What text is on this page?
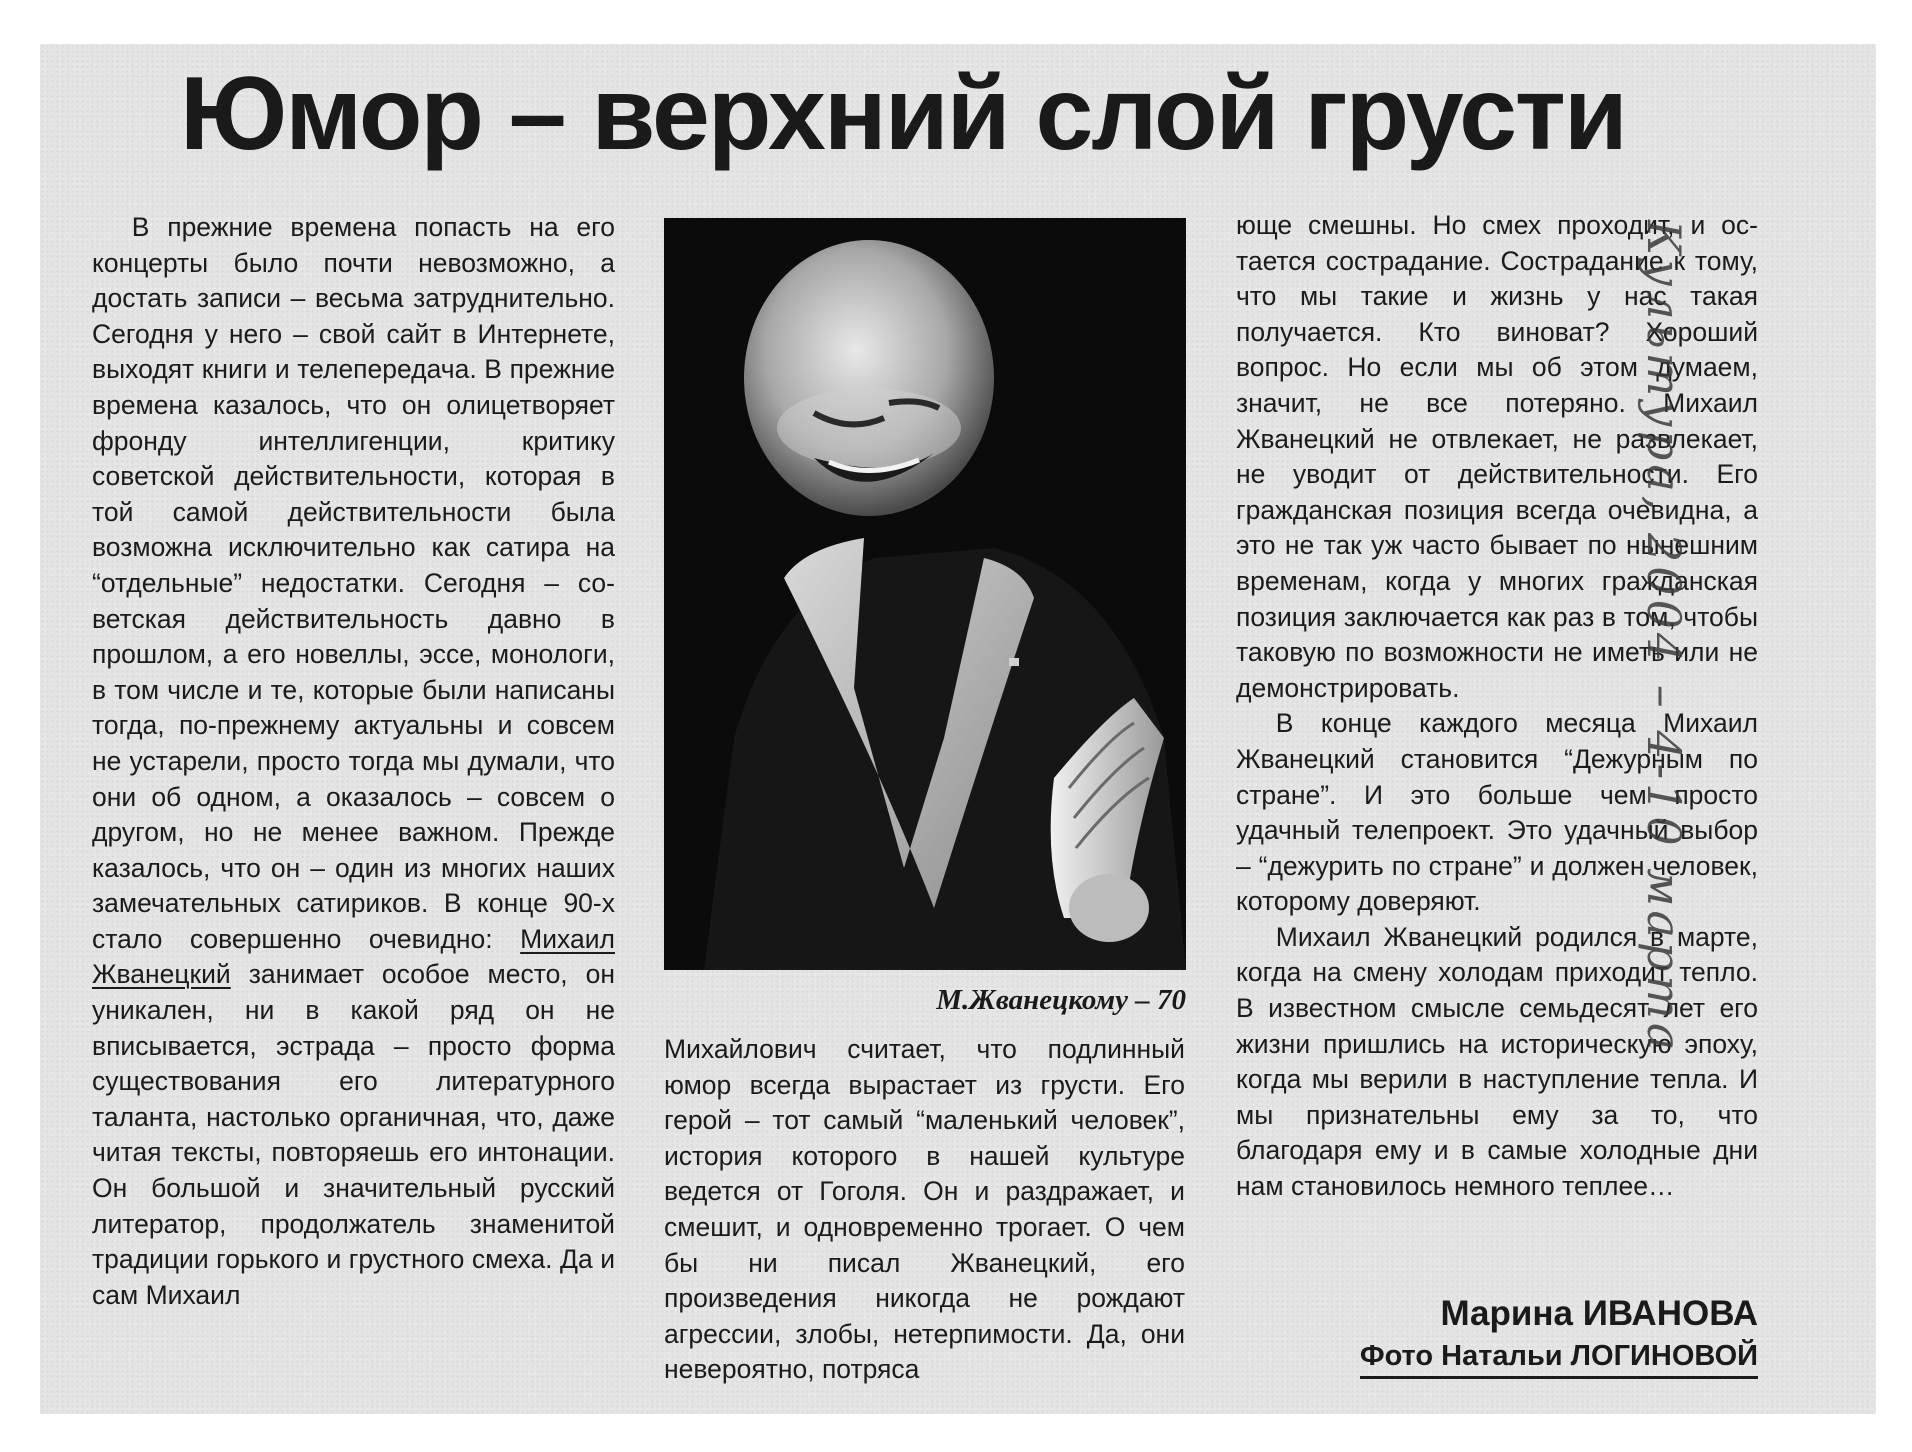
Юмор – верхний слой грусти

В прежние времена попасть на его концерты было почти невозможно, а достать записи – весьма затруднительно. Сегодня у него – свой сайт в Интернете, выходят книги и телепередача. В прежние времена казалось, что он олицетворяет фронду интеллигенции, критику советской действительности, которая в той самой действительности была возможна исключительно как сатира на “отдельные” недостатки. Сегодня – советская действительность давно в прошлом, а его новеллы, эссе, монологи, в том числе и те, которые были написаны тогда, по-прежнему актуальны и совсем не устарели, просто тогда мы думали, что они об одном, а оказалось – совсем о другом, но не менее важном. Прежде казалось, что он – один из многих наших замечательных сатириков. В конце 90-х стало совершенно очевидно: Михаил Жванецкий занимает особое место, он уникален, ни в какой ряд он не вписывается, эстрада – просто форма существования его литературного таланта, настолько органичная, что, даже читая тексты, повторяешь его интонации. Он большой и значительный русский литератор, продолжатель знаменитой традиции горького и грустного смеха. Да и сам Михаил

М.Жванецкому – 70

Михайлович считает, что подлинный юмор всегда вырастает из грусти. Его герой – тот самый “маленький человек”, история которого в нашей культуре ведется от Гоголя. Он и раздражает, и смешит, и одновременно трогает. О чем бы ни писал Жванецкий, его произведения никогда не рождают агрессии, злобы, нетерпимости. Да, они невероятно, потряса

юще смешны. Но смех проходит, и остается сострадание. Сострадание к тому, что мы такие и жизнь у нас такая получается. Кто виноват? Хороший вопрос. Но если мы об этом думаем, значит, не все потеряно. Михаил Жванецкий не отвлекает, не развлекает, не уводит от действительности. Его гражданская позиция всегда очевидна, а это не так уж часто бывает по нынешним временам, когда у многих гражданская позиция заключается как раз в том, чтобы таковую по возможности не иметь или не демонстрировать.

В конце каждого месяца Михаил Жванецкий становится “Дежурным по стране”. И это больше чем просто удачный телепроект. Это удачный выбор – “дежурить по стране” и должен человек, которому доверяют.

Михаил Жванецкий родился в марте, когда на смену холодам приходит тепло. В известном смысле семьдесят лет его жизни пришлись на историческую эпоху, когда мы верили в наступление тепла. И мы признательны ему за то, что благодаря ему и в самые холодные дни нам становилось немного теплее…

Марина ИВАНОВА
Фото Натальи ЛОГИНОВОЙ
Культура, 2004 – 4-10 марта
